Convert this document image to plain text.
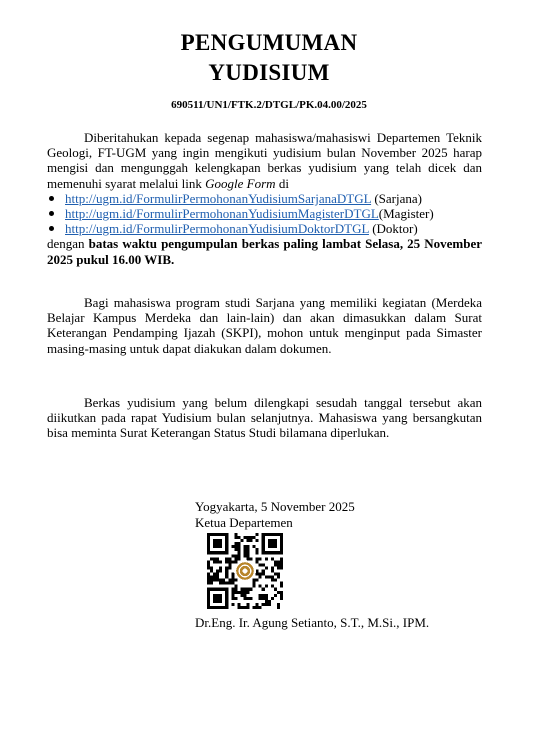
PENGUMUMAN
YUDISIUM
690511/UN1/FTK.2/DTGL/PK.04.00/2025
Diberitahukan kepada segenap mahasiswa/mahasiswi Departemen Teknik Geologi, FT-UGM yang ingin mengikuti yudisium bulan November 2025 harap mengisi dan mengunggah kelengkapan berkas yudisium yang telah dicek dan memenuhi syarat melalui link Google Form di
http://ugm.id/FormulirPermohonanYudisiumSarjanaDTGL (Sarjana)
http://ugm.id/FormulirPermohonanYudisiumMagisterDTGL(Magister)
http://ugm.id/FormulirPermohonanYudisiumDoktorDTGL (Doktor)
dengan batas waktu pengumpulan berkas paling lambat Selasa, 25 November 2025 pukul 16.00 WIB.
Bagi mahasiswa program studi Sarjana yang memiliki kegiatan (Merdeka Belajar Kampus Merdeka dan lain-lain) dan akan dimasukkan dalam Surat Keterangan Pendamping Ijazah (SKPI), mohon untuk menginput pada Simaster masing-masing untuk dapat diakukan dalam dokumen.
Berkas yudisium yang belum dilengkapi sesudah tanggal tersebut akan diikutkan pada rapat Yudisium bulan selanjutnya. Mahasiswa yang bersangkutan bisa meminta Surat Keterangan Status Studi bilamana diperlukan.
Yogyakarta, 5 November 2025
Ketua Departemen
Dr.Eng. Ir. Agung Setianto, S.T., M.Si., IPM.
